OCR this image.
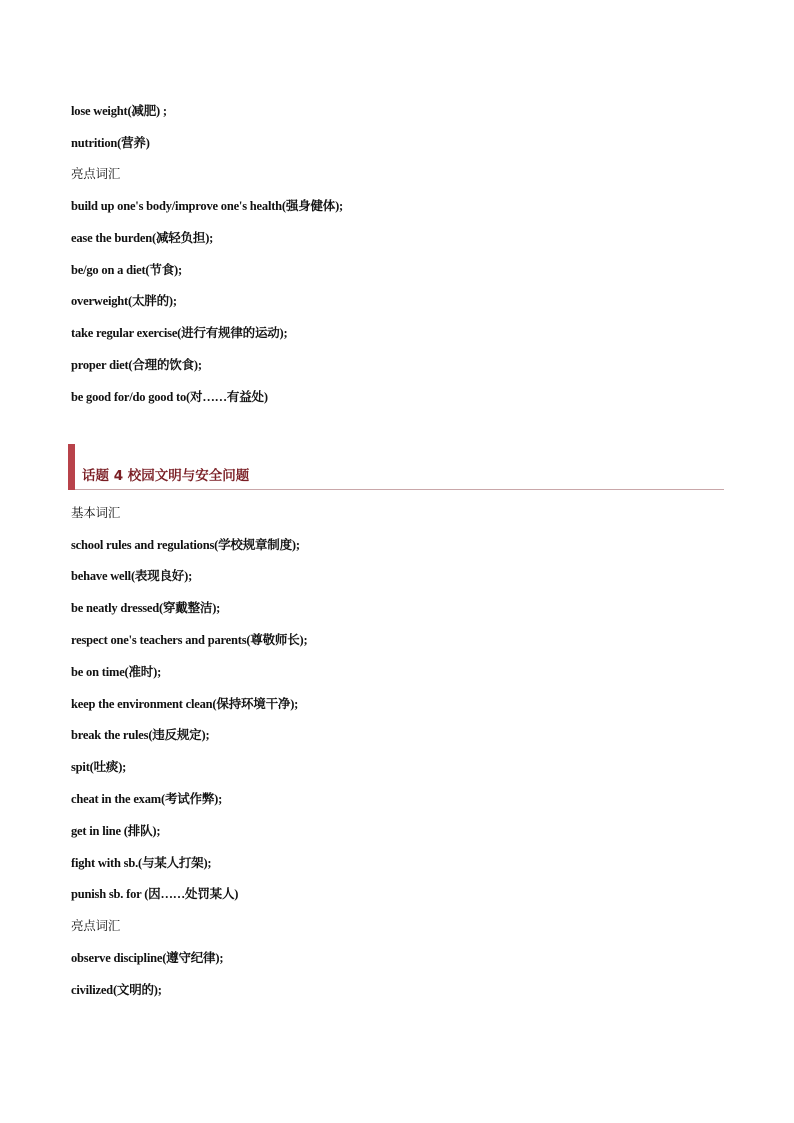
lose weight(减肥) ;
nutrition(营养)
亮点词汇
build up one's body/improve one's health(强身健体);
ease the burden(减轻负担);
be/go on a diet(节食);
overweight(太胖的);
take regular exercise(进行有规律的运动);
proper diet(合理的饮食);
be good for/do good to(对……有益处)
话题 4 校园文明与安全问题
基本词汇
school rules and regulations(学校规章制度);
behave well(表现良好);
be neatly dressed(穿戴整洁);
respect one's teachers and parents(尊敬师长);
be on time(准时);
keep the environment clean(保持环境干净);
break the rules(违反规定);
spit(吐痰);
cheat in the exam(考试作弊);
get in line (排队);
fight with sb.(与某人打架);
punish sb. for (因……处罚某人)
亮点词汇
observe discipline(遵守纪律);
civilized(文明的);
